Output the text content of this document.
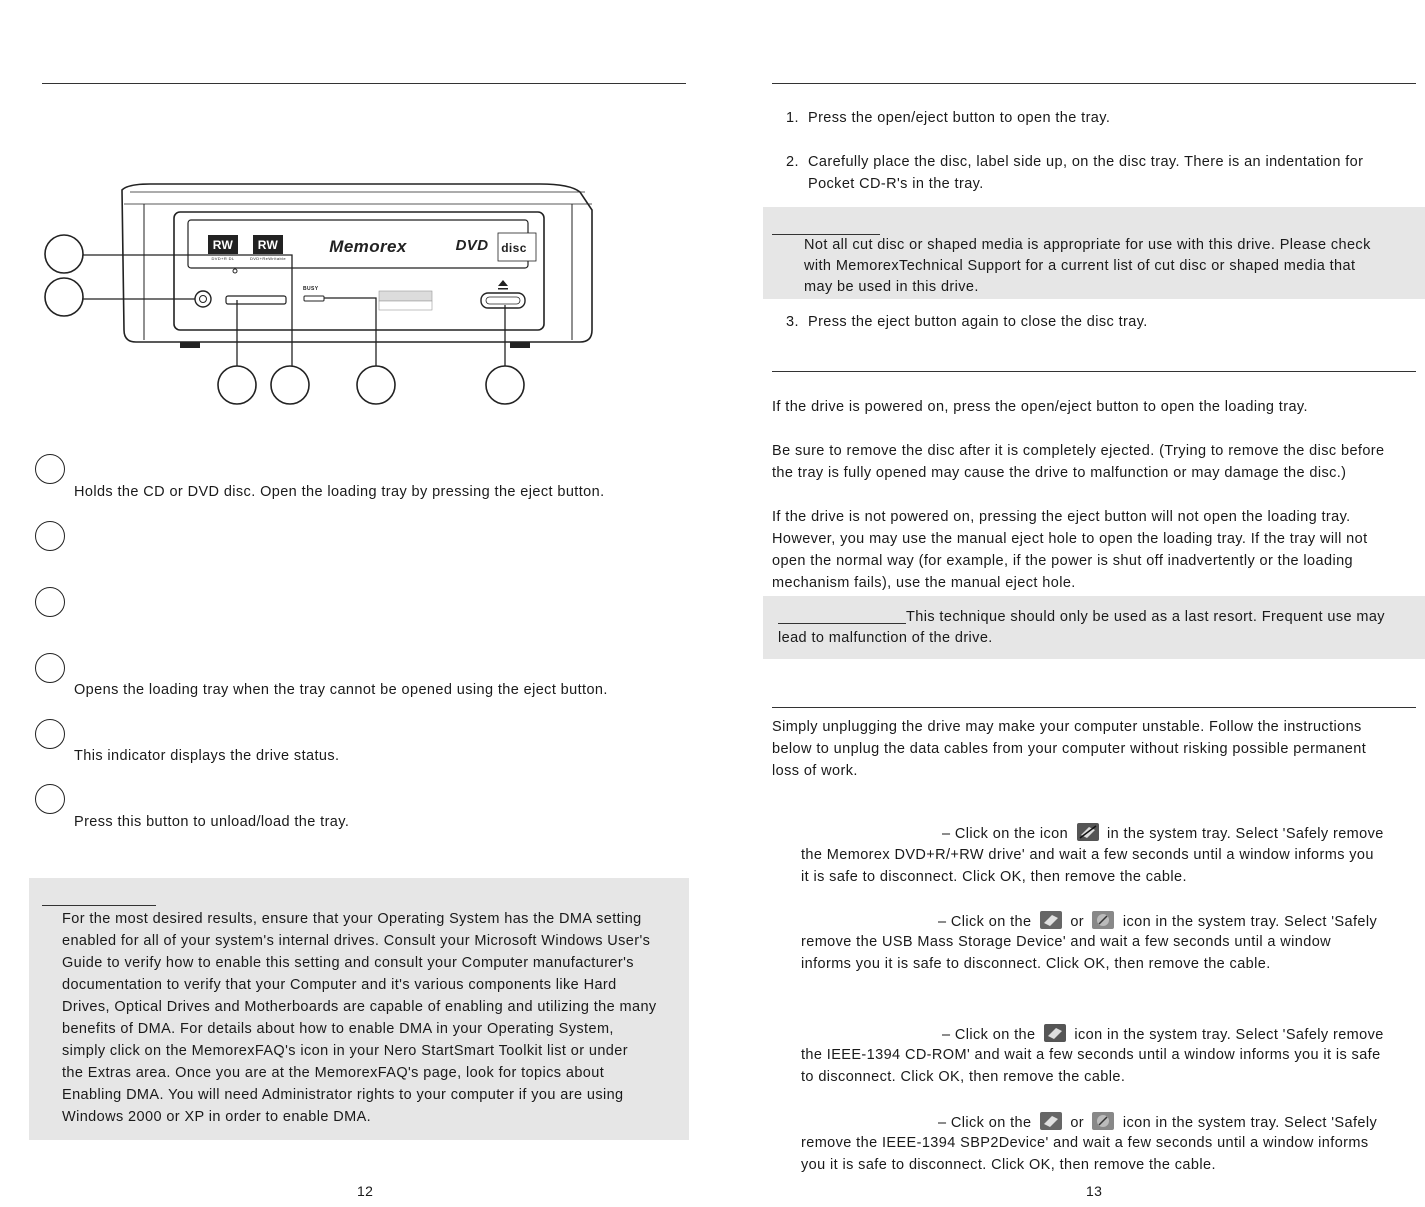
RW
DVD+R DL
RW
DVD+ReWritable
Memorex	DVD disc
BUSY
Holds the CD or DVD disc. Open the loading tray by pressing the eject button.
Opens the loading tray when the tray cannot be opened using the eject button.
This indicator displays the drive status.
Press this button to unload/load the tray.
For the most desired results, ensure that your Operating System has the DMA setting
enabled for all of your system's internal drives. Consult your Microsoft Windows User's
Guide to verify how to enable this setting and consult your Computer manufacturer's
documentation to verify that your Computer and it's various components like Hard
Drives, Optical Drives and Motherboards are capable of enabling and utilizing the many
benefits of DMA. For details about how to enable DMA in your Operating System,
simply click on the MemorexFAQ's icon in your Nero StartSmart Toolkit list or under
the Extras area. Once you are at the MemorexFAQ's page, look for topics about
Enabling DMA. You will need Administrator rights to your computer if you are using
Windows 2000 or XP in order to enable DMA.
12
1. Press the open/eject button to open the tray.
2. Carefully place the disc, label side up, on the disc tray. There is an indentation for
Pocket CD-R's in the tray.
Not all cut disc or shaped media is appropriate for use with this drive. Please check
with MemorexTechnical Support for a current list of cut disc or shaped media that
may be used in this drive.
3. Press the eject button again to close the disc tray.
If the drive is powered on, press the open/eject button to open the loading tray.
Be sure to remove the disc after it is completely ejected. (Trying to remove the disc before
the tray is fully opened may cause the drive to malfunction or may damage the disc.)
If the drive is not powered on, pressing the eject button will not open the loading tray.
However, you may use the manual eject hole to open the loading tray. If the tray will not
open the normal way (for example, if the power is shut off inadvertently or the loading
mechanism fails), use the manual eject hole.
This technique should only be used as a last resort. Frequent use may
lead to malfunction of the drive.
Simply unplugging the drive may make your computer unstable. Follow the instructions
below to unplug the data cables from your computer without risking possible permanent
loss of work.
– Click on the icon	in the system tray. Select 'Safely remove
the Memorex DVD+R/+RW drive' and wait a few seconds until a window informs you
it is safe to disconnect. Click OK, then remove the cable.
– Click on the	or	icon in the system tray. Select 'Safely
remove the USB Mass Storage Device' and wait a few seconds until a window
informs you it is safe to disconnect. Click OK, then remove the cable.
– Click on the	icon in the system tray. Select 'Safely remove
the IEEE-1394 CD-ROM' and wait a few seconds until a window informs you it is safe
to disconnect. Click OK, then remove the cable.
– Click on the	or	icon in the system tray. Select 'Safely
remove the IEEE-1394 SBP2Device' and wait a few seconds until a window informs
you it is safe to disconnect. Click OK, then remove the cable.
13
